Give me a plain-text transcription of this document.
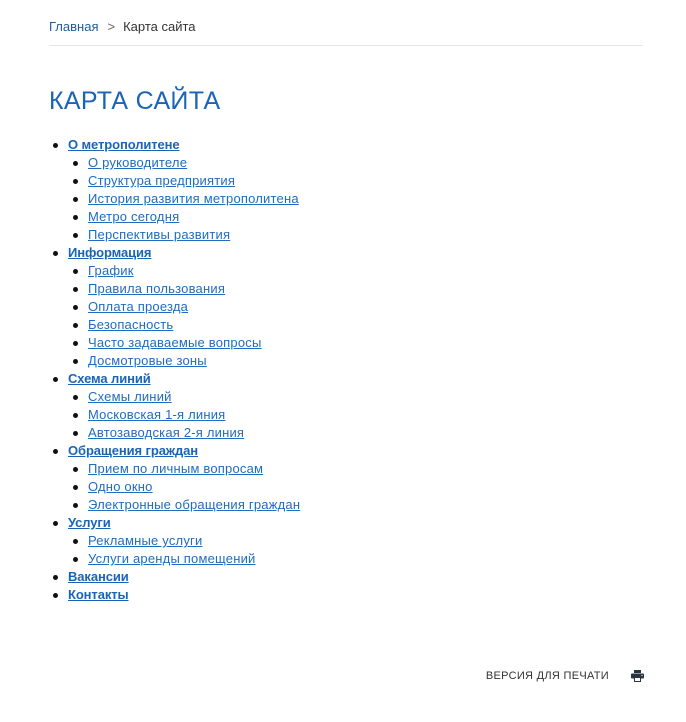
Главная > Карта сайта
КАРТА САЙТА
О метрополитене
О руководителе
Структура предприятия
История развития метрополитена
Метро сегодня
Перспективы развития
Информация
График
Правила пользования
Оплата проезда
Безопасность
Часто задаваемые вопросы
Досмотровые зоны
Схема линий
Схемы линий
Московская 1-я линия
Автозаводская 2-я линия
Обращения граждан
Прием по личным вопросам
Одно окно
Электронные обращения граждан
Услуги
Рекламные услуги
Услуги аренды помещений
Вакансии
Контакты
ВЕРСИЯ ДЛЯ ПЕЧАТИ
